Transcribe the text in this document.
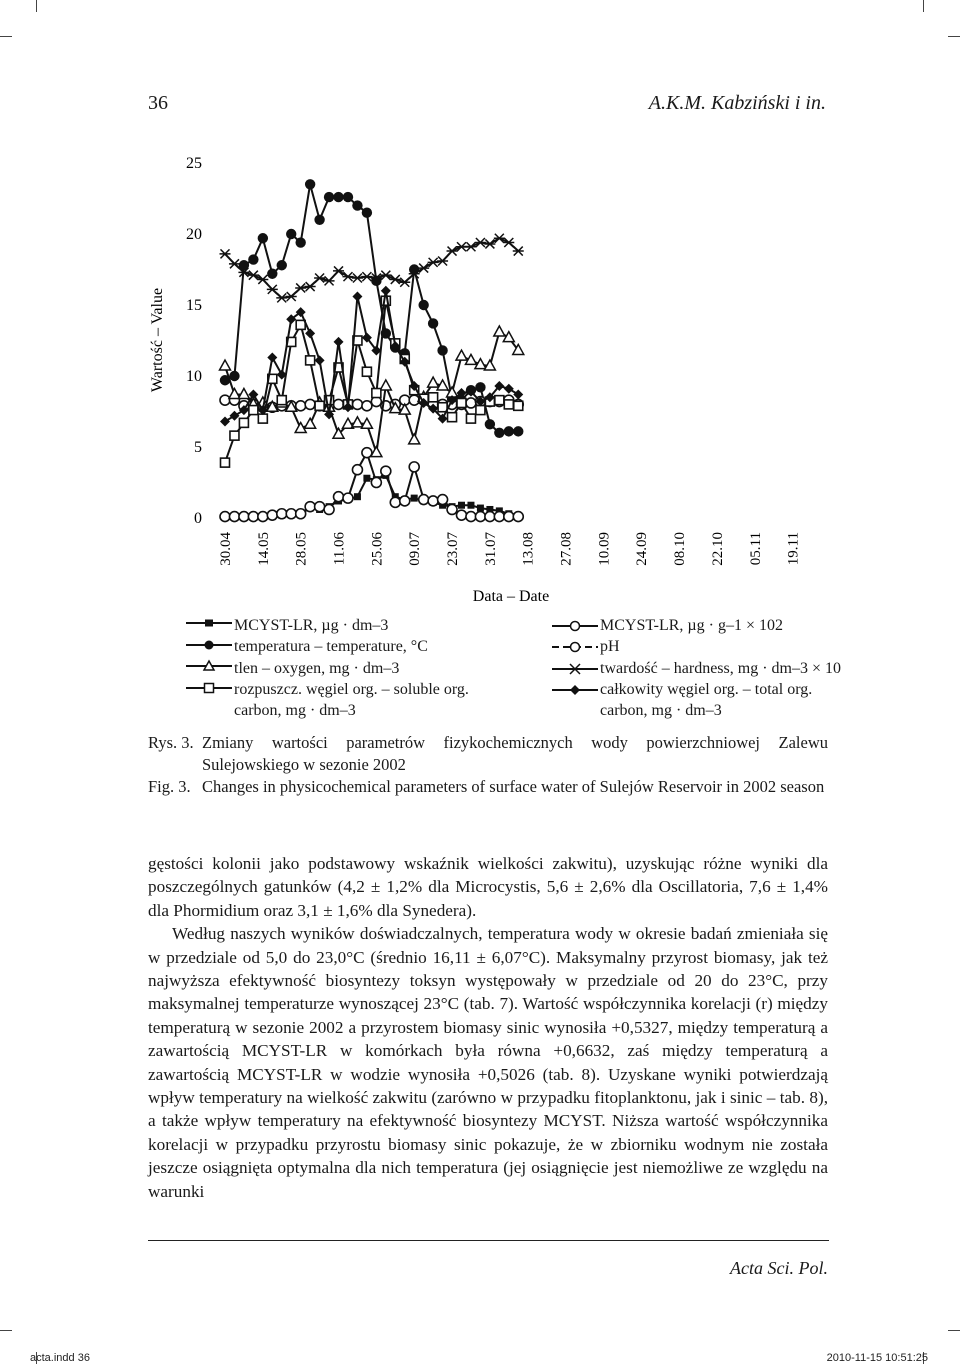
36	A.K.M. Kabziński i in.
Wartość – Value
Data – Date
0
5
10
15
20
25
30.04 14.05 28.05 11.06 25.06 09.07 23.07 31.07 13.08 27.08 10.09 24.09 08.10 22.10 05.11 19.11
MCYST-LR, µg · dm–3
temperatura – temperature, °C
tlen – oxygen, mg · dm–3
rozpuszcz. węgiel org. – soluble org.
carbon, mg · dm–3
MCYST-LR, µg · g–1 × 102
pH
twardość – hardness, mg · dm–3 × 10
całkowity węgiel org. – total org.
carbon, mg · dm–3
Rys. 3. Zmiany wartości parametrów fizykochemicznych wody powierzchniowej Zalewu Sulejowskiego w sezonie 2002
Fig. 3. Changes in physicochemical parameters of surface water of Sulejów Reservoir in 2002 season

gęstości kolonii jako podstawowy wskaźnik wielkości zakwitu), uzyskując różne wyniki dla poszczególnych gatunków (4,2 ± 1,2% dla Microcystis, 5,6 ± 2,6% dla Oscillatoria, 7,6 ± 1,4% dla Phormidium oraz 3,1 ± 1,6% dla Synedera).

Według naszych wyników doświadczalnych, temperatura wody w okresie badań zmieniała się w przedziale od 5,0 do 23,0°C (średnio 16,11 ± 6,07°C). Maksymalny przyrost biomasy, jak też najwyższa efektywność biosyntezy toksyn występowały w przedziale od 20 do 23°C, przy maksymalnej temperaturze wynoszącej 23°C (tab. 7). Wartość współczynnika korelacji (r) między temperaturą w sezonie 2002 a przyrostem biomasy sinic wynosiła +0,5327, między temperaturą a zawartością MCYST-LR w komórkach była równa +0,6632, zaś między temperaturą a zawartością MCYST-LR w wodzie wynosiła +0,5026 (tab. 8). Uzyskane wyniki potwierdzają wpływ temperatury na wielkość zakwitu (zarówno w przypadku fitoplanktonu, jak i sinic – tab. 8), a także wpływ temperatury na efektywność biosyntezy MCYST. Niższa wartość współczynnika korelacji w przypadku przyrostu biomasy sinic pokazuje, że w zbiorniku wodnym nie została jeszcze osiągnięta optymalna dla nich temperatura (jej osiągnięcie jest niemożliwe ze względu na warunki

Acta Sci. Pol.
acta.indd 36	2010-11-15 10:51:25
